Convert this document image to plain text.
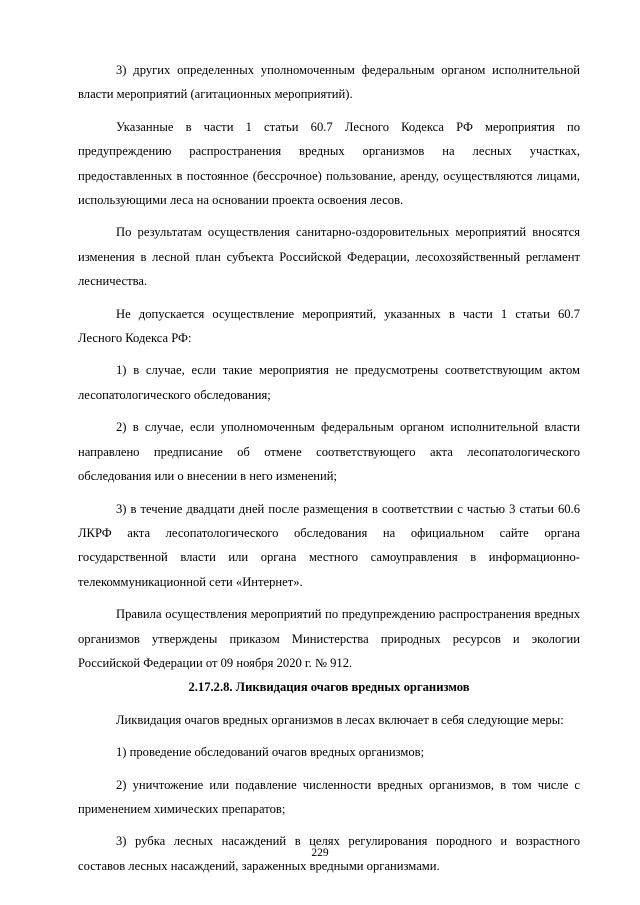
3) других определенных уполномоченным федеральным органом исполнительной власти мероприятий (агитационных мероприятий).

Указанные в части 1 статьи 60.7 Лесного Кодекса РФ мероприятия по предупреждению распространения вредных организмов на лесных участках, предоставленных в постоянное (бессрочное) пользование, аренду, осуществляются лицами, использующими леса на основании проекта освоения лесов.

По результатам осуществления санитарно-оздоровительных мероприятий вносятся изменения в лесной план субъекта Российской Федерации, лесохозяйственный регламент лесничества.

Не допускается осуществление мероприятий, указанных в части 1 статьи 60.7 Лесного Кодекса РФ:

1) в случае, если такие мероприятия не предусмотрены соответствующим актом лесопатологического обследования;

2) в случае, если уполномоченным федеральным органом исполнительной власти направлено предписание об отмене соответствующего акта лесопатологического обследования или о внесении в него изменений;

3) в течение двадцати дней после размещения в соответствии с частью 3 статьи 60.6 ЛКРФ акта лесопатологического обследования на официальном сайте органа государственной власти или органа местного самоуправления в информационно-телекоммуникационной сети «Интернет».

Правила осуществления мероприятий по предупреждению распространения вредных организмов утверждены приказом Министерства природных ресурсов и экологии Российской Федерации от 09 ноября 2020 г. № 912.

2.17.2.8. Ликвидация очагов вредных организмов

Ликвидация очагов вредных организмов в лесах включает в себя следующие меры:

1) проведение обследований очагов вредных организмов;

2) уничтожение или подавление численности вредных организмов, в том числе с применением химических препаратов;

3) рубка лесных насаждений в целях регулирования породного и возрастного составов лесных насаждений, зараженных вредными организмами.

229
